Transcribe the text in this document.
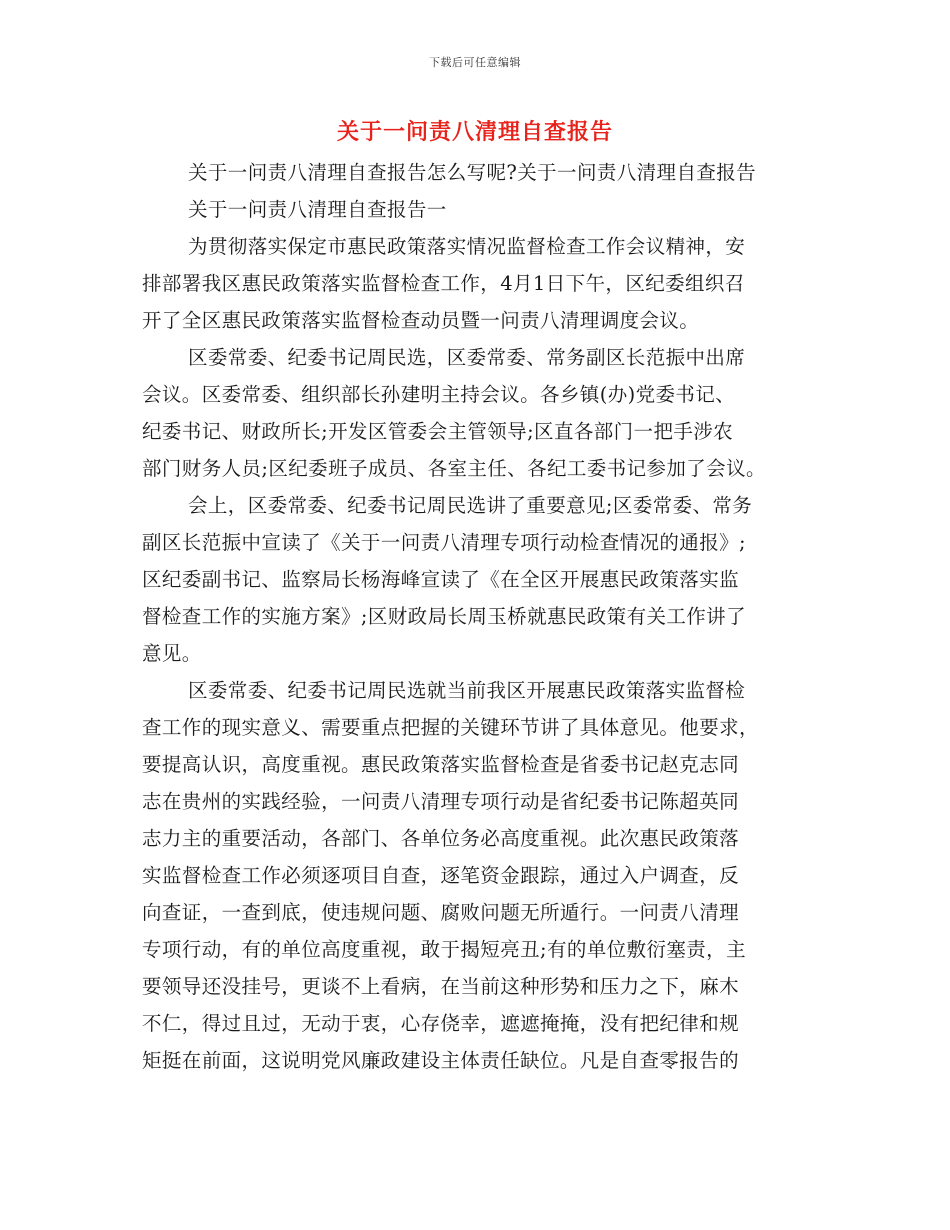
下载后可任意编辑
关于一问责八清理自查报告
关于一问责八清理自查报告怎么写呢?关于一问责八清理自查报告
关于一问责八清理自查报告一
为贯彻落实保定市惠民政策落实情况监督检查工作会议精神，安
排部署我区惠民政策落实监督检查工作，4月1日下午，区纪委组织召
开了全区惠民政策落实监督检查动员暨一问责八清理调度会议。
区委常委、纪委书记周民选，区委常委、常务副区长范振中出席
会议。区委常委、组织部长孙建明主持会议。各乡镇(办)党委书记、
纪委书记、财政所长;开发区管委会主管领导;区直各部门一把手涉农
部门财务人员;区纪委班子成员、各室主任、各纪工委书记参加了会议。
会上，区委常委、纪委书记周民选讲了重要意见;区委常委、常务
副区长范振中宣读了《关于一问责八清理专项行动检查情况的通报》;
区纪委副书记、监察局长杨海峰宣读了《在全区开展惠民政策落实监
督检查工作的实施方案》;区财政局长周玉桥就惠民政策有关工作讲了
意见。
区委常委、纪委书记周民选就当前我区开展惠民政策落实监督检
查工作的现实意义、需要重点把握的关键环节讲了具体意见。他要求，
要提高认识，高度重视。惠民政策落实监督检查是省委书记赵克志同
志在贵州的实践经验，一问责八清理专项行动是省纪委书记陈超英同
志力主的重要活动，各部门、各单位务必高度重视。此次惠民政策落
实监督检查工作必须逐项目自查，逐笔资金跟踪，通过入户调查，反
向查证，一查到底，使违规问题、腐败问题无所遁行。一问责八清理
专项行动，有的单位高度重视，敢于揭短亮丑;有的单位敷衍塞责，主
要领导还没挂号，更谈不上看病，在当前这种形势和压力之下，麻木
不仁，得过且过，无动于衷，心存侥幸，遮遮掩掩，没有把纪律和规
矩挺在前面，这说明党风廉政建设主体责任缺位。凡是自查零报告的
